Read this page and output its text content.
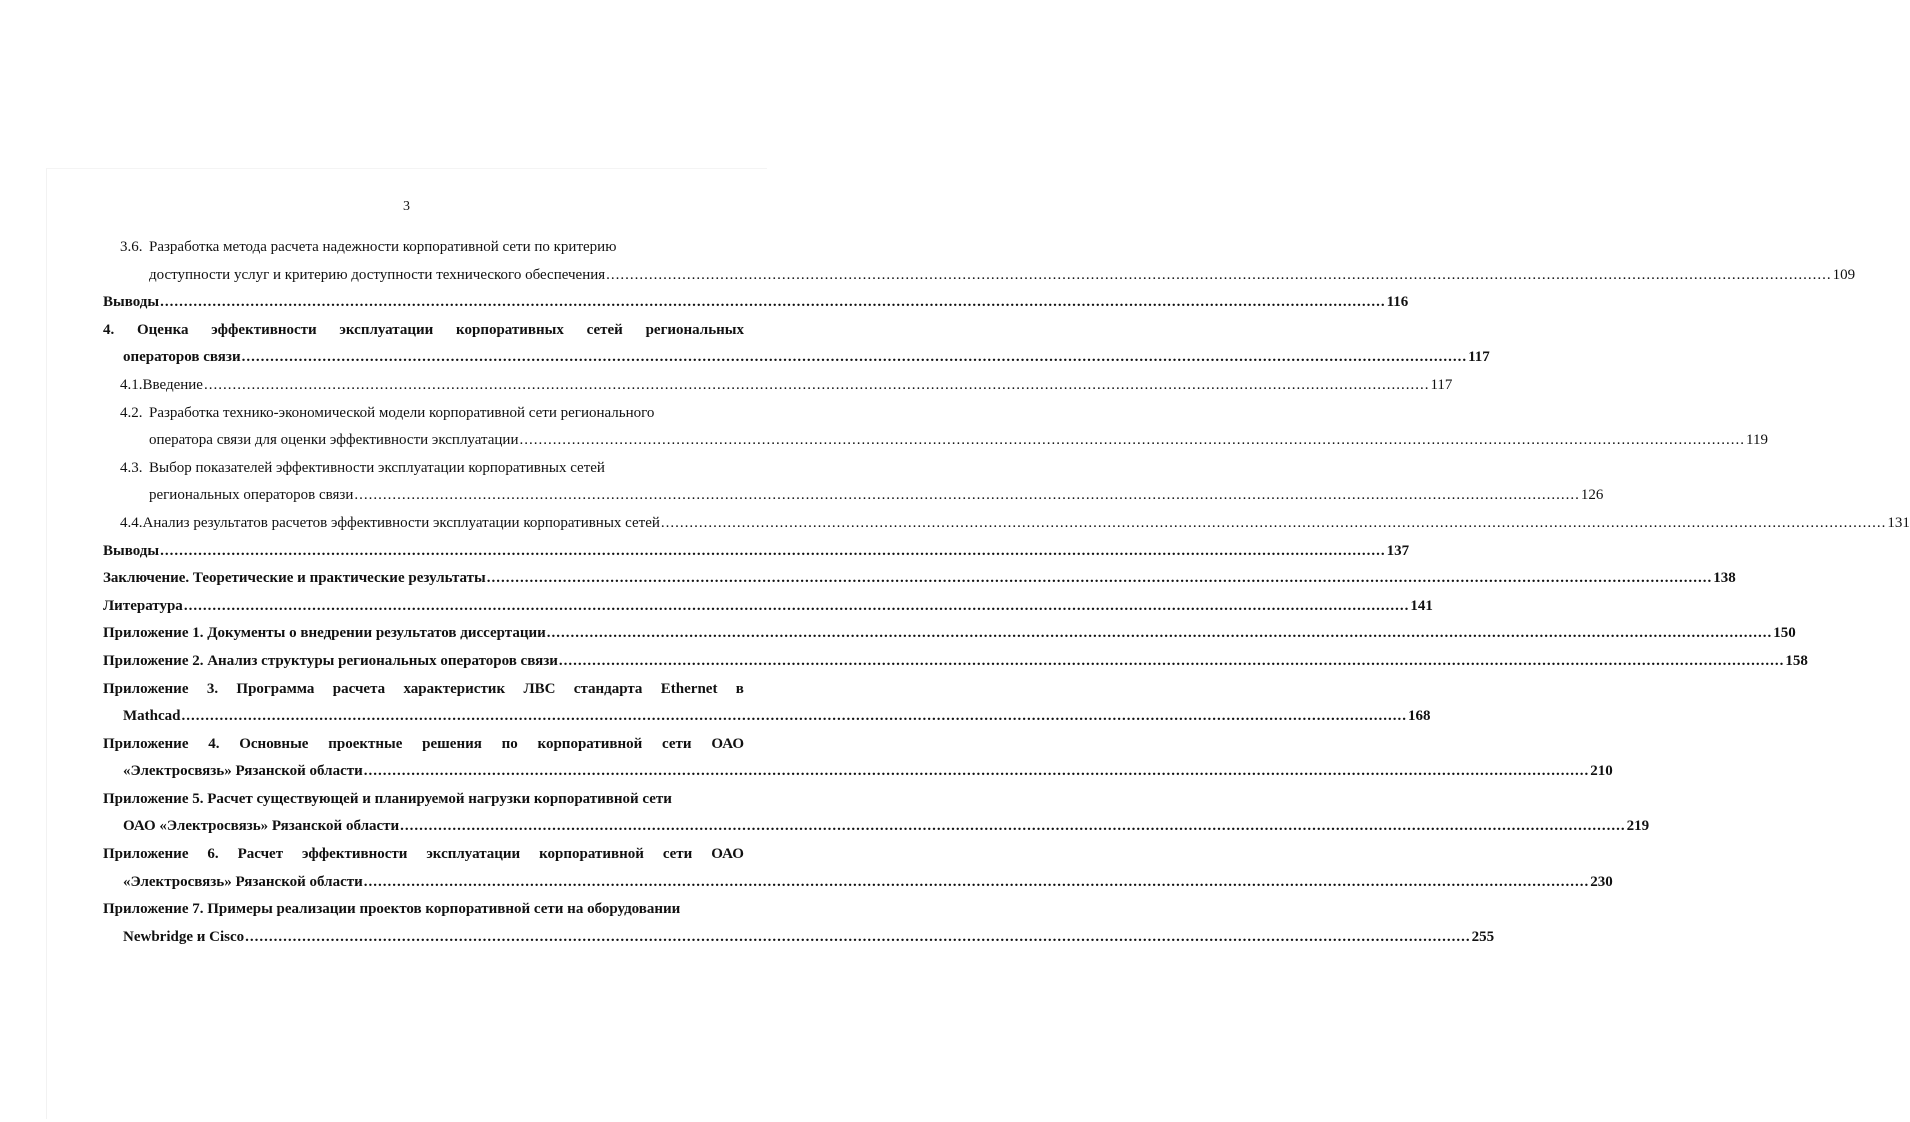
3
3.6. Разработка метода расчета надежности корпоративной сети по критерию
доступности услуг и критерию доступности технического обеспечения .....	109
Выводы .....	116
4. Оценка эффективности эксплуатации корпоративных сетей региональных
операторов связи .....	117
4.1. Введение .....	117
4.2. Разработка технико-экономической модели корпоративной сети регионального
оператора связи для оценки эффективности эксплуатации .....	119
4.3. Выбор показателей эффективности эксплуатации корпоративных сетей
региональных операторов связи .....	126
4.4. Анализ результатов расчетов эффективности эксплуатации корпоративных сетей .....	131
Выводы .....	137
Заключение. Теоретические и практические результаты .....	138
Литература .....	141
Приложение 1. Документы о внедрении результатов диссертации .....	150
Приложение 2. Анализ структуры региональных операторов связи .....	158
Приложение 3. Программа расчета характеристик ЛВС стандарта Ethernet в
Mathcad .....	168
Приложение 4. Основные проектные решения по корпоративной сети ОАО
«Электросвязь» Рязанской области .....	210
Приложение 5. Расчет существующей и планируемой нагрузки корпоративной сети
ОАО «Электросвязь» Рязанской области .....	219
Приложение 6. Расчет эффективности эксплуатации корпоративной сети ОАО
«Электросвязь» Рязанской области .....	230
Приложение 7. Примеры реализации проектов корпоративной сети на оборудовании
Newbridge и Cisco .....	255
